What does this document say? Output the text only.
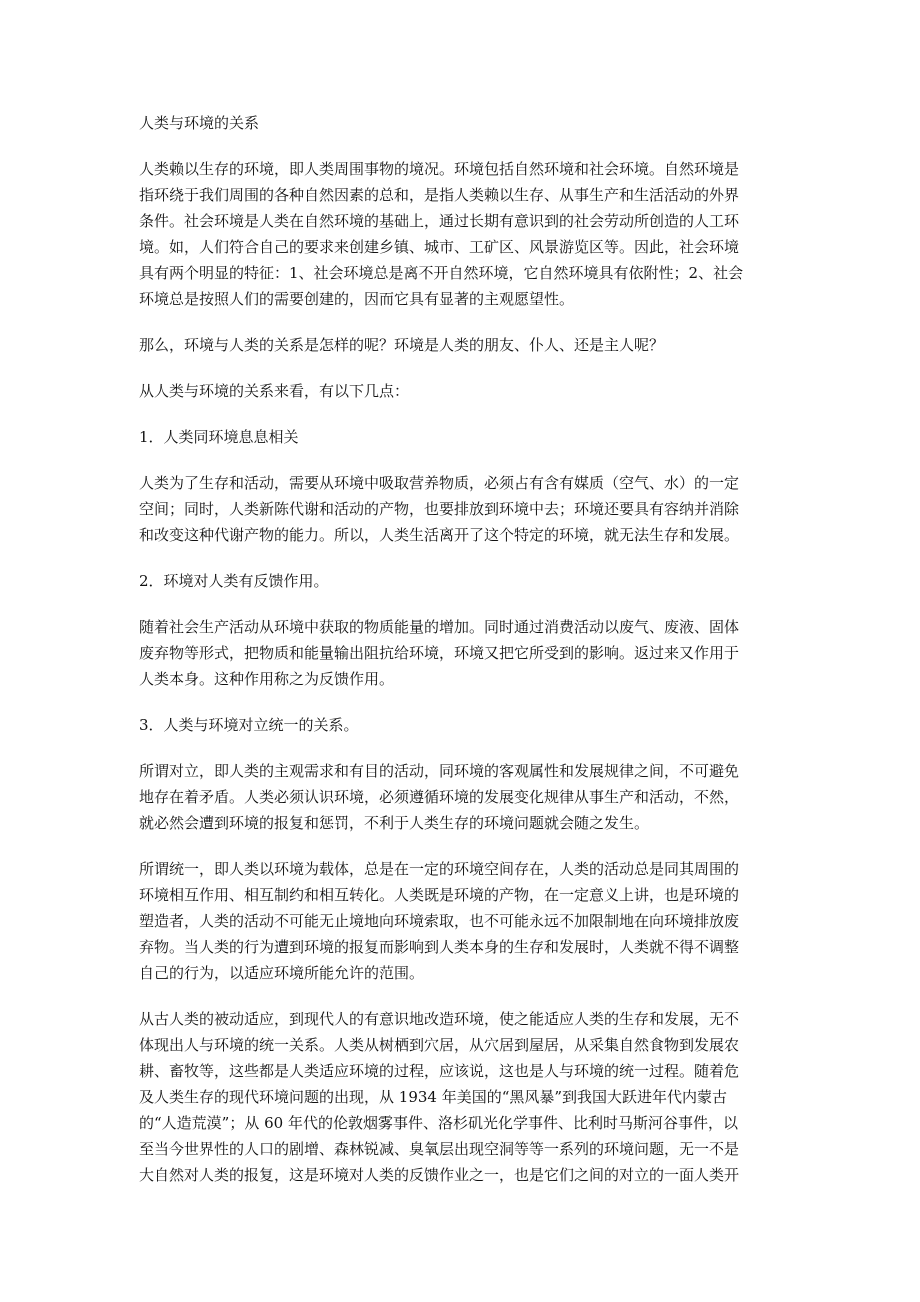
人类与环境的关系
人类赖以生存的环境，即人类周围事物的境况。环境包括自然环境和社会环境。自然环境是
指环绕于我们周围的各种自然因素的总和，是指人类赖以生存、从事生产和生活活动的外界
条件。社会环境是人类在自然环境的基础上，通过长期有意识到的社会劳动所创造的人工环
境。如，人们符合自己的要求来创建乡镇、城市、工矿区、风景游览区等。因此，社会环境
具有两个明显的特征：1、社会环境总是离不开自然环境，它自然环境具有依附性；2、社会
环境总是按照人们的需要创建的，因而它具有显著的主观愿望性。
那么，环境与人类的关系是怎样的呢？环境是人类的朋友、仆人、还是主人呢？
从人类与环境的关系来看，有以下几点：
1．人类同环境息息相关
人类为了生存和活动，需要从环境中吸取营养物质，必须占有含有媒质（空气、水）的一定
空间；同时，人类新陈代谢和活动的产物，也要排放到环境中去；环境还要具有容纳并消除
和改变这种代谢产物的能力。所以，人类生活离开了这个特定的环境，就无法生存和发展。
2．环境对人类有反馈作用。
随着社会生产活动从环境中获取的物质能量的增加。同时通过消费活动以废气、废液、固体
废弃物等形式，把物质和能量输出阻抗给环境，环境又把它所受到的影响。返过来又作用于
人类本身。这种作用称之为反馈作用。
3．人类与环境对立统一的关系。
所谓对立，即人类的主观需求和有目的活动，同环境的客观属性和发展规律之间，不可避免
地存在着矛盾。人类必须认识环境，必须遵循环境的发展变化规律从事生产和活动，不然，
就必然会遭到环境的报复和惩罚，不利于人类生存的环境问题就会随之发生。
所谓统一，即人类以环境为载体，总是在一定的环境空间存在，人类的活动总是同其周围的
环境相互作用、相互制约和相互转化。人类既是环境的产物，在一定意义上讲，也是环境的
塑造者，人类的活动不可能无止境地向环境索取，也不可能永远不加限制地在向环境排放废
弃物。当人类的行为遭到环境的报复而影响到人类本身的生存和发展时，人类就不得不调整
自己的行为，以适应环境所能允许的范围。
从古人类的被动适应，到现代人的有意识地改造环境，使之能适应人类的生存和发展，无不
体现出人与环境的统一关系。人类从树栖到穴居，从穴居到屋居，从采集自然食物到发展农
耕、畜牧等，这些都是人类适应环境的过程，应该说，这也是人与环境的统一过程。随着危
及人类生存的现代环境问题的出现，从 1934 年美国的“黑风暴”到我国大跃进年代内蒙古
的“人造荒漠”；从 60 年代的伦敦烟雾事件、洛杉矶光化学事件、比利时马斯河谷事件，以
至当今世界性的人口的剧增、森林锐减、臭氧层出现空洞等等一系列的环境问题，无一不是
大自然对人类的报复，这是环境对人类的反馈作业之一，也是它们之间的对立的一面人类开
